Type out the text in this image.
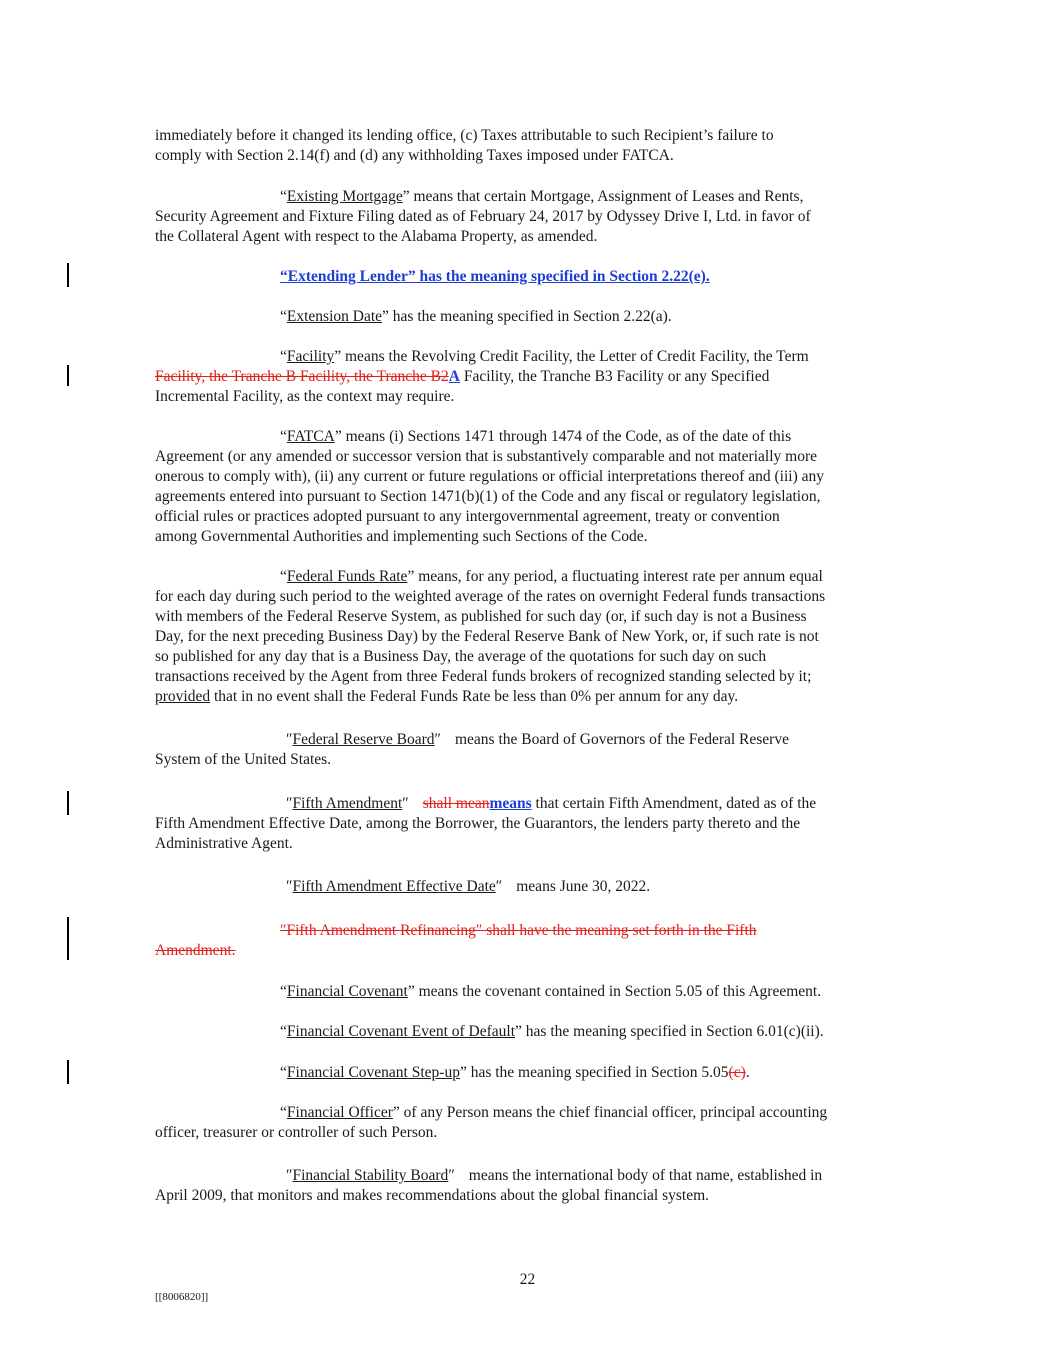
immediately before it changed its lending office, (c) Taxes attributable to such Recipient’s failure to
comply with Section 2.14(f) and (d) any withholding Taxes imposed under FATCA.

“Existing Mortgage” means that certain Mortgage, Assignment of Leases and Rents,
Security Agreement and Fixture Filing dated as of February 24, 2017 by Odyssey Drive I, Ltd. in favor of
the Collateral Agent with respect to the Alabama Property, as amended.

“Extending Lender” has the meaning specified in Section 2.22(e).

“Extension Date” has the meaning specified in Section 2.22(a).

“Facility” means the Revolving Credit Facility, the Letter of Credit Facility, the Term
Facility, the Tranche B Facility, the Tranche B2A Facility, the Tranche B3 Facility or any Specified
Incremental Facility, as the context may require.

“FATCA” means (i) Sections 1471 through 1474 of the Code, as of the date of this
Agreement (or any amended or successor version that is substantively comparable and not materially more
onerous to comply with), (ii) any current or future regulations or official interpretations thereof and (iii) any
agreements entered into pursuant to Section 1471(b)(1) of the Code and any fiscal or regulatory legislation,
official rules or practices adopted pursuant to any intergovernmental agreement, treaty or convention
among Governmental Authorities and implementing such Sections of the Code.

“Federal Funds Rate” means, for any period, a fluctuating interest rate per annum equal
for each day during such period to the weighted average of the rates on overnight Federal funds transactions
with members of the Federal Reserve System, as published for such day (or, if such day is not a Business
Day, for the next preceding Business Day) by the Federal Reserve Bank of New York, or, if such rate is not
so published for any day that is a Business Day, the average of the quotations for such day on such
transactions received by the Agent from three Federal funds brokers of recognized standing selected by it;
provided that in no event shall the Federal Funds Rate be less than 0% per annum for any day.

″Federal Reserve Board″ means the Board of Governors of the Federal Reserve
System of the United States.

″Fifth Amendment″ shall meanmeans that certain Fifth Amendment, dated as of the
Fifth Amendment Effective Date, among the Borrower, the Guarantors, the lenders party thereto and the
Administrative Agent.

″Fifth Amendment Effective Date″ means June 30, 2022.

″Fifth Amendment Refinancing″ shall have the meaning set forth in the Fifth
Amendment.

“Financial Covenant” means the covenant contained in Section 5.05 of this Agreement.

“Financial Covenant Event of Default” has the meaning specified in Section 6.01(c)(ii).

“Financial Covenant Step-up” has the meaning specified in Section 5.05(c).

“Financial Officer” of any Person means the chief financial officer, principal accounting
officer, treasurer or controller of such Person.

″Financial Stability Board″ means the international body of that name, established in
April 2009, that monitors and makes recommendations about the global financial system.

22
[[8006820]]
